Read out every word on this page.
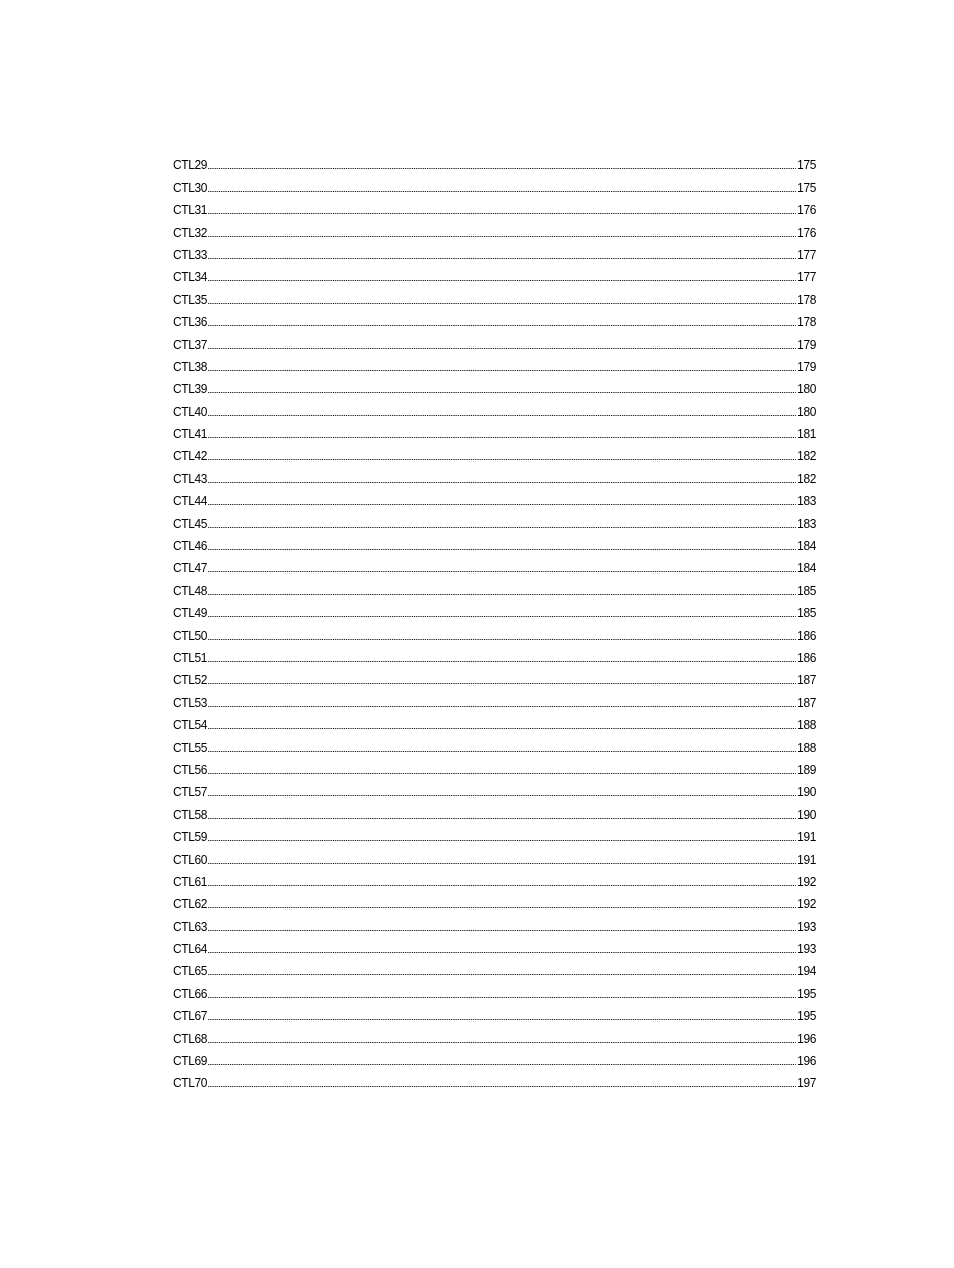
CTL29	175
CTL30	175
CTL31	176
CTL32	176
CTL33	177
CTL34	177
CTL35	178
CTL36	178
CTL37	179
CTL38	179
CTL39	180
CTL40	180
CTL41	181
CTL42	182
CTL43	182
CTL44	183
CTL45	183
CTL46	184
CTL47	184
CTL48	185
CTL49	185
CTL50	186
CTL51	186
CTL52	187
CTL53	187
CTL54	188
CTL55	188
CTL56	189
CTL57	190
CTL58	190
CTL59	191
CTL60	191
CTL61	192
CTL62	192
CTL63	193
CTL64	193
CTL65	194
CTL66	195
CTL67	195
CTL68	196
CTL69	196
CTL70	197
